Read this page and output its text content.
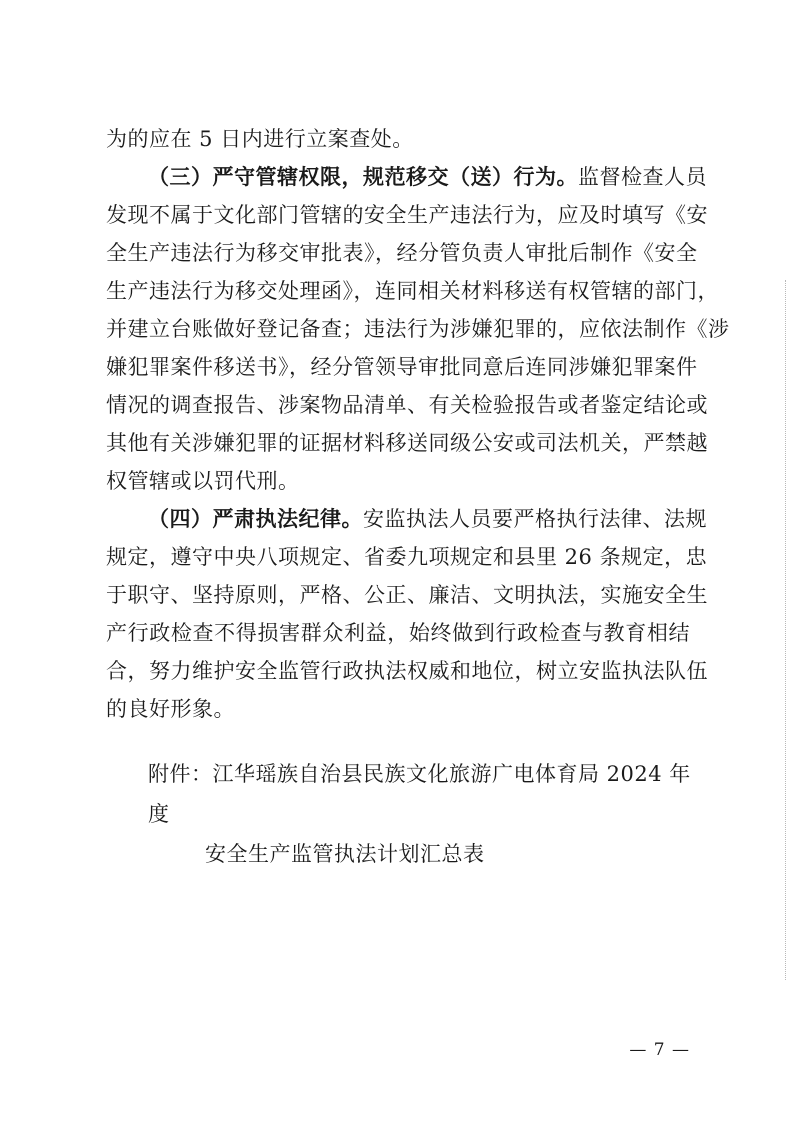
为的应在 5 日内进行立案查处。
（三）严守管辖权限，规范移交（送）行为。监督检查人员
发现不属于文化部门管辖的安全生产违法行为，应及时填写《安
全生产违法行为移交审批表》，经分管负责人审批后制作《安全
生产违法行为移交处理函》，连同相关材料移送有权管辖的部门，
并建立台账做好登记备查；违法行为涉嫌犯罪的，应依法制作《涉
嫌犯罪案件移送书》，经分管领导审批同意后连同涉嫌犯罪案件
情况的调查报告、涉案物品清单、有关检验报告或者鉴定结论或
其他有关涉嫌犯罪的证据材料移送同级公安或司法机关，严禁越
权管辖或以罚代刑。
（四）严肃执法纪律。安监执法人员要严格执行法律、法规
规定，遵守中央八项规定、省委九项规定和县里 26 条规定，忠
于职守、坚持原则，严格、公正、廉洁、文明执法，实施安全生
产行政检查不得损害群众利益，始终做到行政检查与教育相结
合，努力维护安全监管行政执法权威和地位，树立安监执法队伍
的良好形象。
附件：江华瑶族自治县民族文化旅游广电体育局 2024 年度
安全生产监管执法计划汇总表
— 7 —
